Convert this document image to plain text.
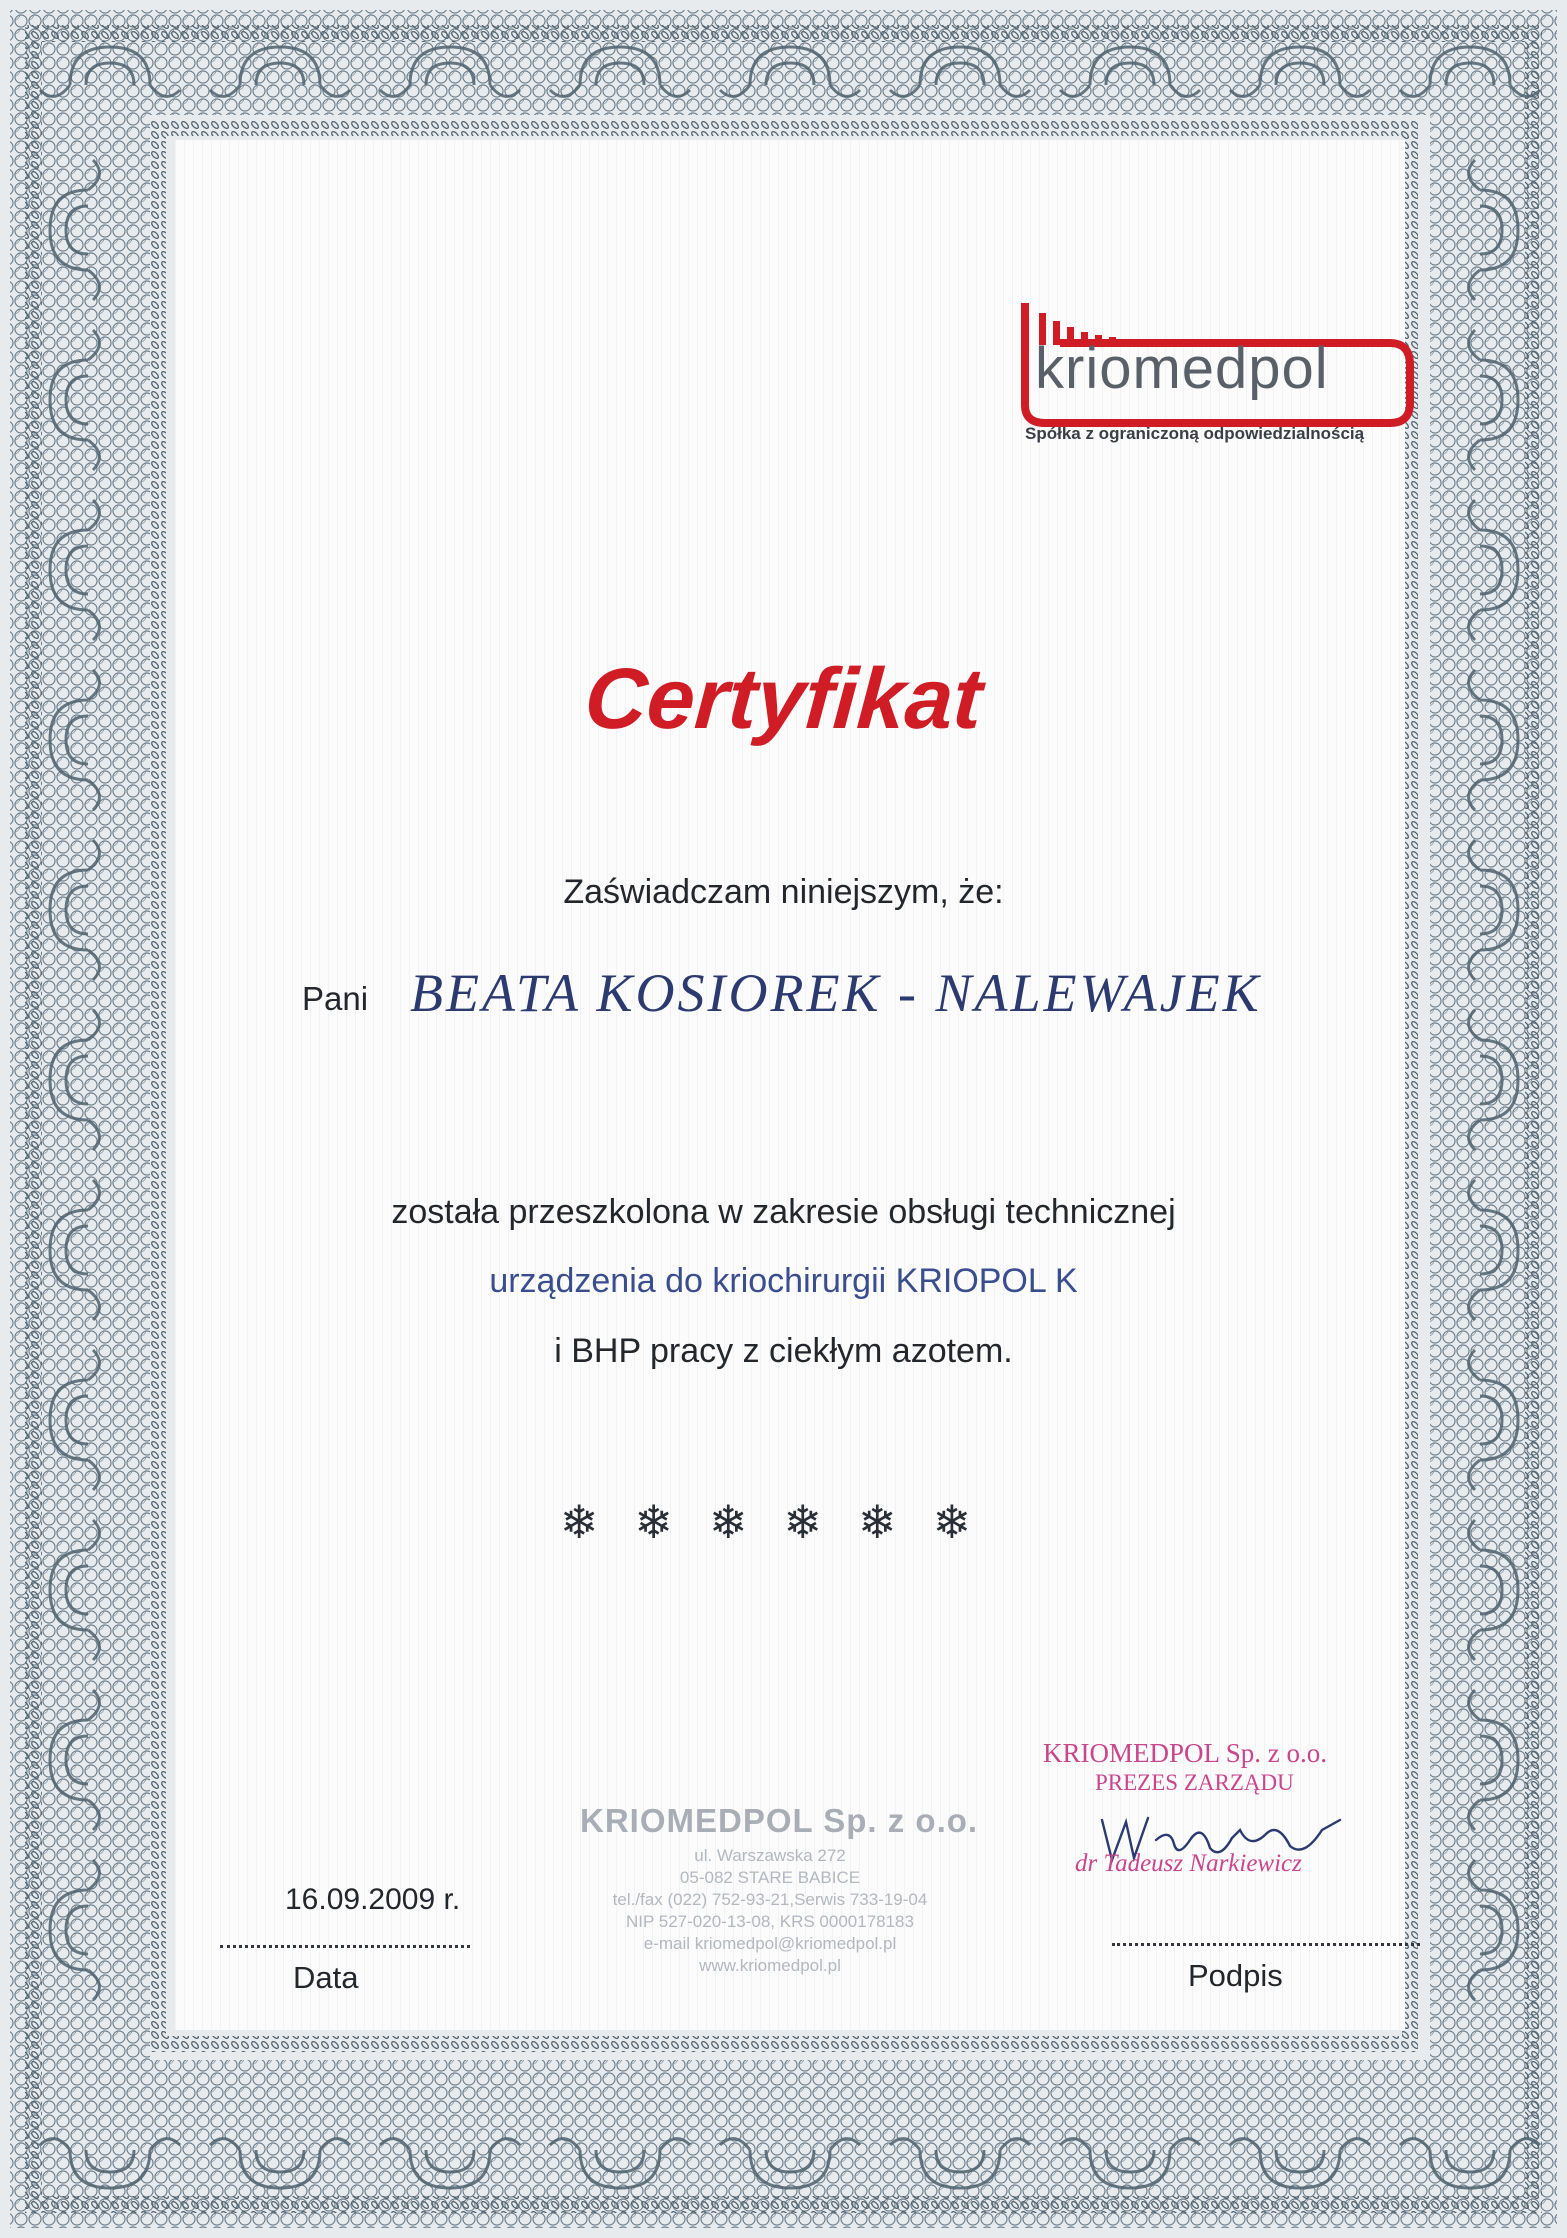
kriomedpol
Spółka z ograniczoną odpowiedzialnością
Certyfikat
Zaświadczam niniejszym, że:
Pani BEATA KOSIOREK - NALEWAJEK
została przeszkolona w zakresie obsługi technicznej
urządzenia do kriochirurgii KRIOPOL K
i BHP pracy z ciekłym azotem.
❄❄❄❄❄❄
KRIOMEDPOL Sp. z o.o.
ul. Warszawska 272
05-082 STARE BABICE
tel./fax (022) 752-93-21,Serwis 733-19-04
NIP 527-020-13-08, KRS 0000178183
e-mail kriomedpol@kriomedpol.pl
www.kriomedpol.pl
KRIOMEDPOL Sp. z o.o.
PREZES ZARZĄDU
dr Tadeusz Narkiewicz
16.09.2009 r.
Data	Podpis
